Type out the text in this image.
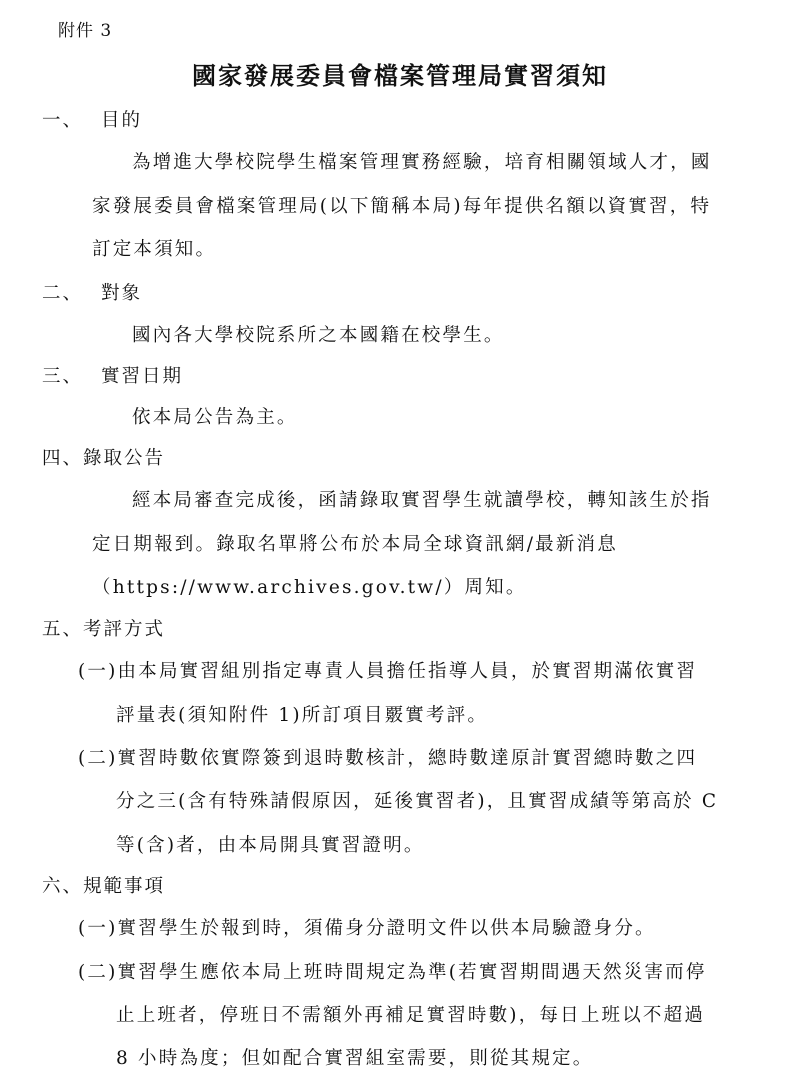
附件 3
國家發展委員會檔案管理局實習須知
一、 目的
為增進大學校院學生檔案管理實務經驗，培育相關領域人才，國
家發展委員會檔案管理局(以下簡稱本局)每年提供名額以資實習，特
訂定本須知。
二、 對象
國內各大學校院系所之本國籍在校學生。
三、 實習日期
依本局公告為主。
四、錄取公告
經本局審查完成後，函請錄取實習學生就讀學校，轉知該生於指
定日期報到。錄取名單將公布於本局全球資訊網/最新消息
（https://www.archives.gov.tw/）周知。
五、考評方式
(一)由本局實習組別指定專責人員擔任指導人員，於實習期滿依實習
評量表(須知附件 1)所訂項目覈實考評。
(二)實習時數依實際簽到退時數核計，總時數達原計實習總時數之四
分之三(含有特殊請假原因，延後實習者)，且實習成績等第高於 C
等(含)者，由本局開具實習證明。
六、規範事項
(一)實習學生於報到時，須備身分證明文件以供本局驗證身分。
(二)實習學生應依本局上班時間規定為準(若實習期間遇天然災害而停
止上班者，停班日不需額外再補足實習時數)，每日上班以不超過
8 小時為度；但如配合實習組室需要，則從其規定。
